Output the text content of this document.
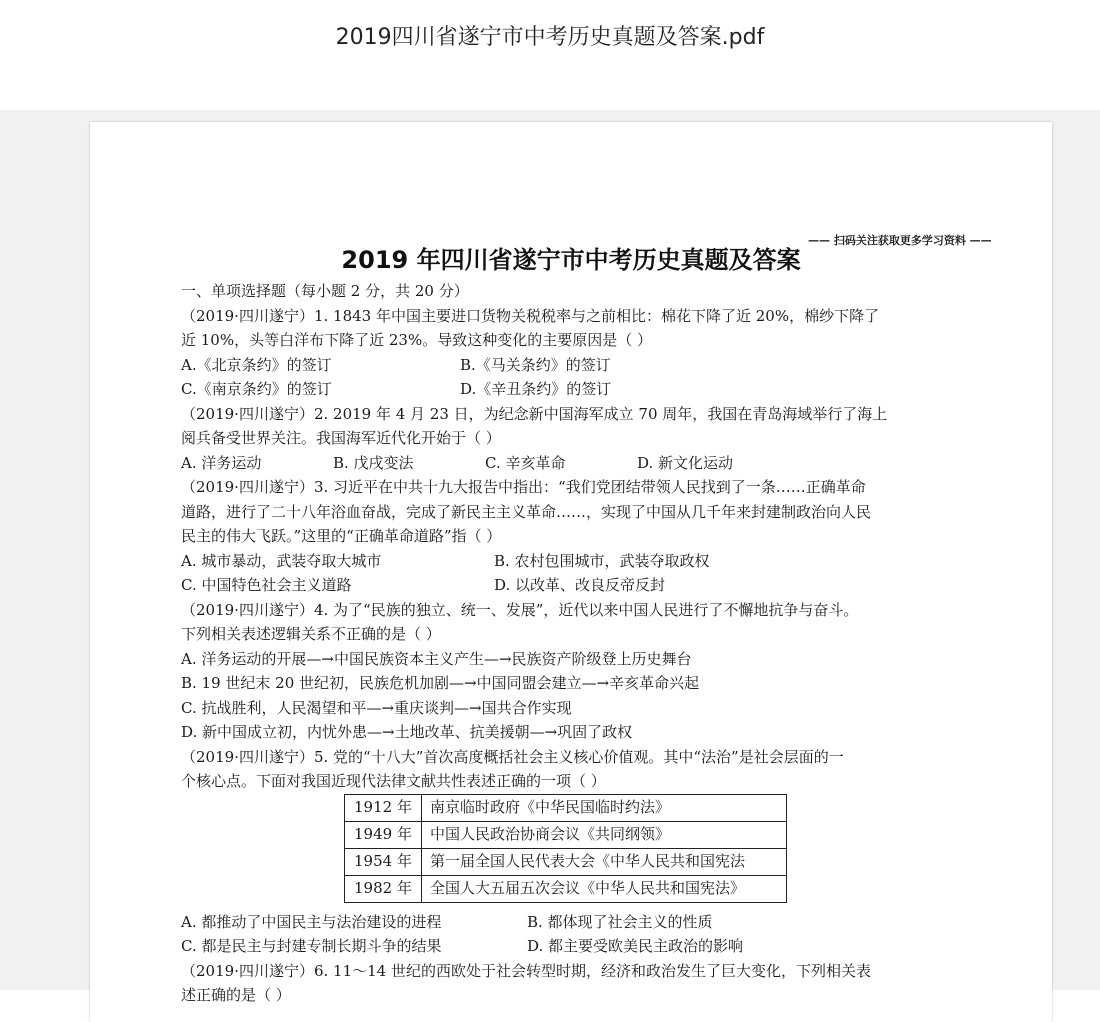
2019四川省遂宁市中考历史真题及答案.pdf
2019 年四川省遂宁市中考历史真题及答案
—— 扫码关注获取更多学习资料 ——
一、单项选择题（每小题 2 分，共 20 分）
（2019·四川遂宁）1. 1843 年中国主要进口货物关税税率与之前相比：棉花下降了近 20%，棉纱下降了
近 10%，头等白洋布下降了近 23%。导致这种变化的主要原因是（ ）
A.《北京条约》的签订	B.《马关条约》的签订
C.《南京条约》的签订	D.《辛丑条约》的签订
（2019·四川遂宁）2. 2019 年 4 月 23 日，为纪念新中国海军成立 70 周年，我国在青岛海域举行了海上
阅兵备受世界关注。我国海军近代化开始于（ ）
A. 洋务运动	B. 戊戌变法	C. 辛亥革命	D. 新文化运动
（2019·四川遂宁）3. 习近平在中共十九大报告中指出：“我们党团结带领人民找到了一条……正确革命
道路，进行了二十八年浴血奋战，完成了新民主主义革命……，实现了中国从几千年来封建制政治向人民
民主的伟大飞跃。”这里的“正确革命道路”指（ ）
A. 城市暴动，武装夺取大城市	B. 农村包围城市，武装夺取政权
C. 中国特色社会主义道路	D. 以改革、改良反帝反封
（2019·四川遂宁）4. 为了“民族的独立、统一、发展”，近代以来中国人民进行了不懈地抗争与奋斗。
下列相关表述逻辑关系不正确的是（ ）
A. 洋务运动的开展—→中国民族资本主义产生—→民族资产阶级登上历史舞台
B. 19 世纪末 20 世纪初，民族危机加剧—→中国同盟会建立—→辛亥革命兴起
C. 抗战胜利，人民渴望和平—→重庆谈判—→国共合作实现
D. 新中国成立初，内忧外患—→土地改革、抗美援朝—→巩固了政权
（2019·四川遂宁）5. 党的“十八大”首次高度概括社会主义核心价值观。其中“法治”是社会层面的一
个核心点。下面对我国近现代法律文献共性表述正确的一项（ ）
1912 年	南京临时政府《中华民国临时约法》
1949 年	中国人民政治协商会议《共同纲领》
1954 年	第一届全国人民代表大会《中华人民共和国宪法
1982 年	全国人大五届五次会议《中华人民共和国宪法》
A. 都推动了中国民主与法治建设的进程	B. 都体现了社会主义的性质
C. 都是民主与封建专制长期斗争的结果	D. 都主要受欧美民主政治的影响
（2019·四川遂宁）6. 11～14 世纪的西欧处于社会转型时期，经济和政治发生了巨大变化，下列相关表
述正确的是（ ）
